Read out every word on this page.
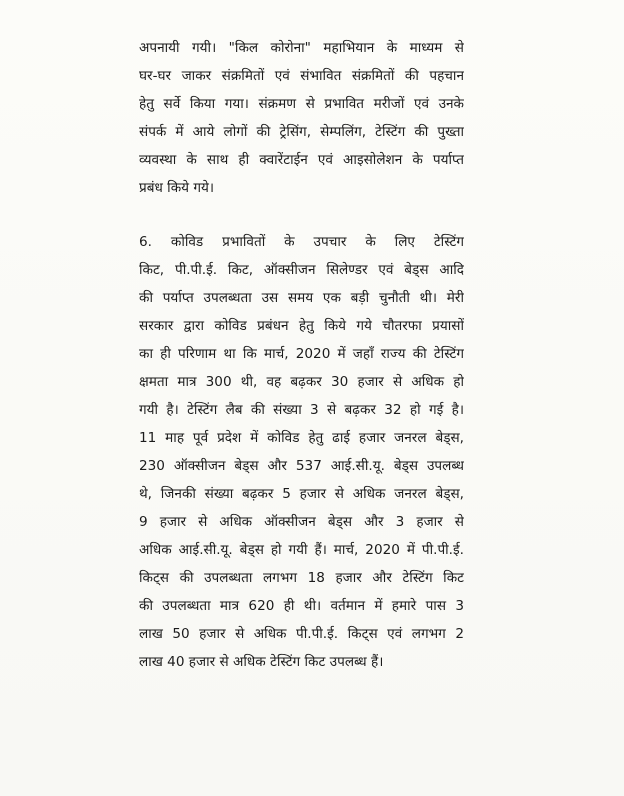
अपनायी गयी। "किल कोरोना" महाभियान के माध्यम से
घर-घर जाकर संक्रमितों एवं संभावित संक्रमितों की पहचान
हेतु सर्वे किया गया। संक्रमण से प्रभावित मरीजों एवं उनके
संपर्क में आये लोगों की ट्रेसिंग, सेम्पलिंग, टेस्टिंग की पुख्ता
व्यवस्था के साथ ही क्वारेंटाईन एवं आइसोलेशन के पर्याप्त
प्रबंध किये गये।
6. कोविड प्रभावितों के उपचार के लिए टेस्टिंग
किट, पी.पी.ई. किट, ऑक्सीजन सिलेण्डर एवं बेड्स आदि
की पर्याप्त उपलब्धता उस समय एक बड़ी चुनौती थी। मेरी
सरकार द्वारा कोविड प्रबंधन हेतु किये गये चौतरफा प्रयासों
का ही परिणाम था कि मार्च, 2020 में जहाँ राज्य की टेस्टिंग
क्षमता मात्र 300 थी, वह बढ़कर 30 हजार से अधिक हो
गयी है। टेस्टिंग लैब की संख्या 3 से बढ़कर 32 हो गई है।
11 माह पूर्व प्रदेश में कोविड हेतु ढाई हजार जनरल बेड्स,
230 ऑक्सीजन बेड्स और 537 आई.सी.यू. बेड्स उपलब्ध
थे, जिनकी संख्या बढ़कर 5 हजार से अधिक जनरल बेड्स,
9 हजार से अधिक ऑक्सीजन बेड्स और 3 हजार से
अधिक आई.सी.यू. बेड्स हो गयी हैं। मार्च, 2020 में पी.पी.ई.
किट्स की उपलब्धता लगभग 18 हजार और टेस्टिंग किट
की उपलब्धता मात्र 620 ही थी। वर्तमान में हमारे पास 3
लाख 50 हजार से अधिक पी.पी.ई. किट्स एवं लगभग 2
लाख 40 हजार से अधिक टेस्टिंग किट उपलब्ध हैं।
